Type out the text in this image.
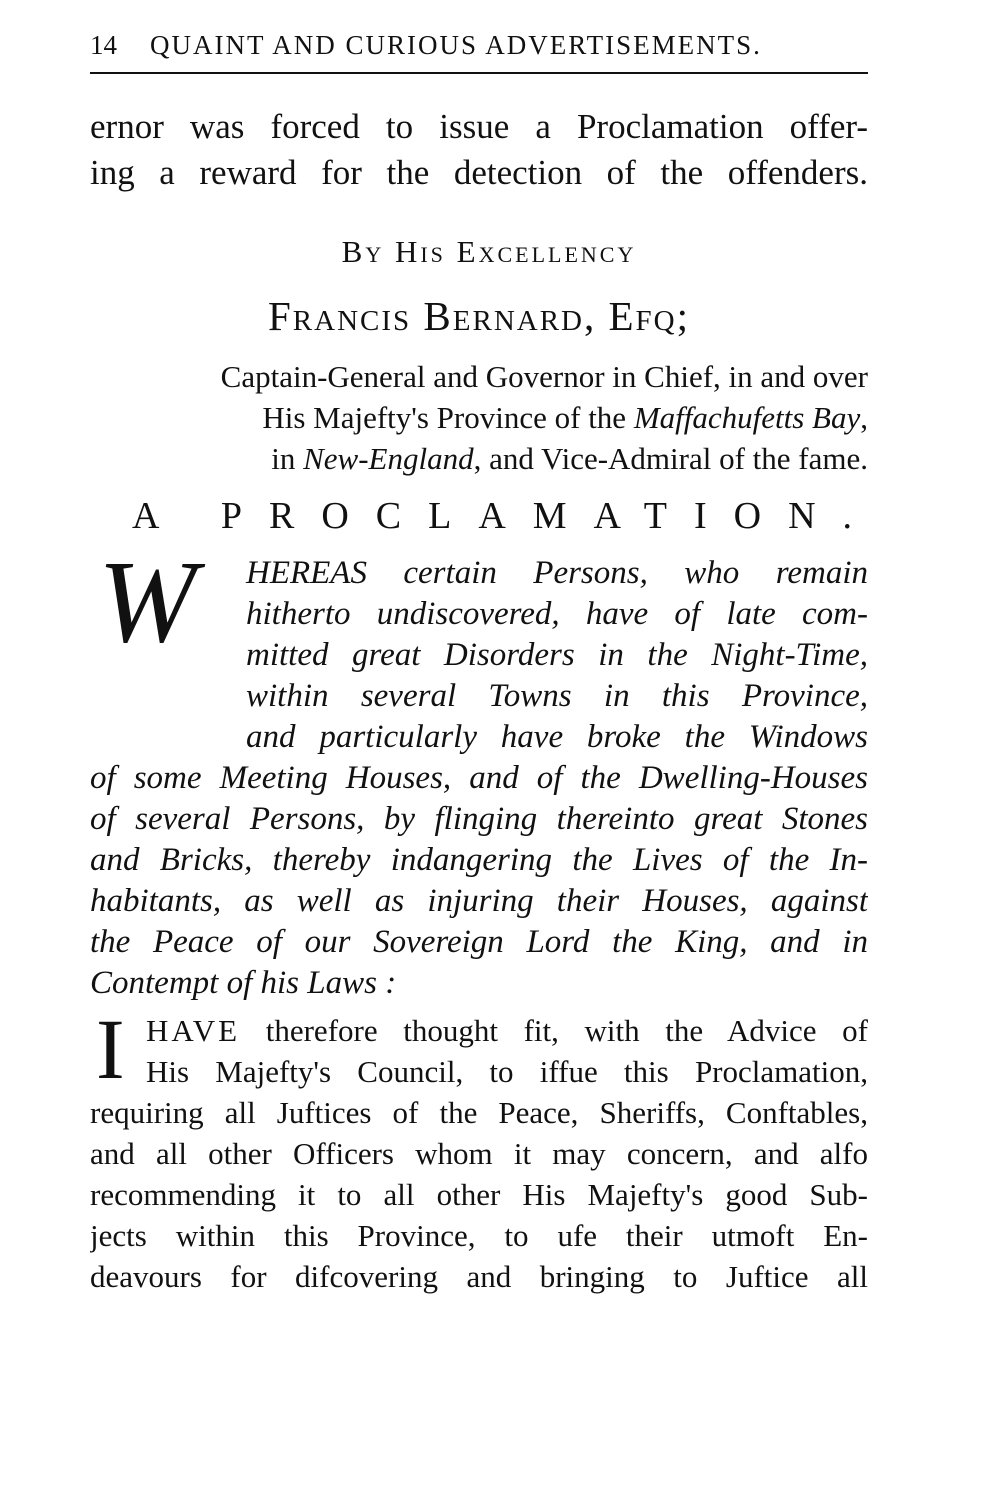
14	QUAINT AND CURIOUS ADVERTISEMENTS.
ernor was forced to issue a Proclamation offer-
ing a reward for the detection of the offenders.
By His Excellency
Francis Bernard, Efq;
Captain-General and Governor in Chief, in and over
His Majefty's Province of the Maffachufetts Bay,
in New-England, and Vice-Admiral of the fame.
A PROCLAMATION.
W	HEREAS certain Persons, who remain
hitherto undiscovered, have of late com-
mitted great Disorders in the Night-Time,
within several Towns in this Province,
and particularly have broke the Windows
of some Meeting Houses, and of the Dwelling-Houses
of several Persons, by flinging thereinto great Stones
and Bricks, thereby indangering the Lives of the In-
habitants, as well as injuring their Houses, against
the Peace of our Sovereign Lord the King, and in
Contempt of his Laws :
I HAVE therefore thought fit, with the Advice of
His Majefty's Council, to iffue this Proclamation,
requiring all Juftices of the Peace, Sheriffs, Conftables,
and all other Officers whom it may concern, and alfo
recommending it to all other His Majefty's good Sub-
jects within this Province, to ufe their utmoft En-
deavours for difcovering and bringing to Juftice all
